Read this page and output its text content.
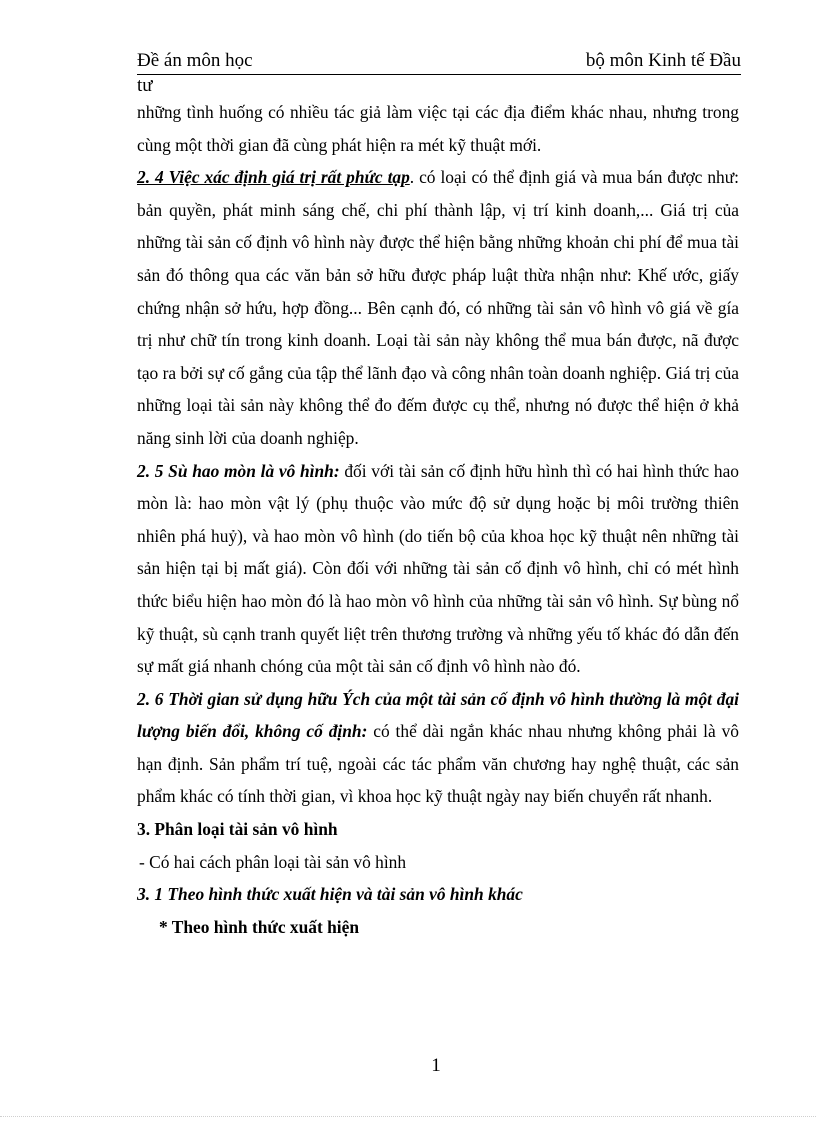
Đề án môn học	bộ môn Kinh tế Đầu
tư

những tình huống có nhiều tác giả làm việc tại các địa điểm khác nhau, nhưng trong cùng một thời gian đã cùng phát hiện ra mét kỹ thuật mới.

2. 4 Việc xác định giá trị rất phức tạp. có loại có thể định giá và mua bán được như: bản quyền, phát minh sáng chế, chi phí thành lập, vị trí kinh doanh,... Giá trị của những tài sản cố định vô hình này được thể hiện bằng những khoản chi phí để mua tài sản đó thông qua các văn bản sở hữu được pháp luật thừa nhận như: Khế ước, giấy chứng nhận sở hứu, hợp đồng... Bên cạnh đó, có những tài sản vô hình vô giá về gía trị như chữ tín trong kinh doanh. Loại tài sản này không thể mua bán được, nã được tạo ra bởi sự cố gắng của tập thể lãnh đạo và công nhân toàn doanh nghiệp. Giá trị của những loại tài sản này không thể đo đếm được cụ thể, nhưng nó được thể hiện ở khả năng sinh lời của doanh nghiệp.

2. 5 Sù hao mòn là vô hình: đối với tài sản cố định hữu hình thì có hai hình thức hao mòn là: hao mòn vật lý (phụ thuộc vào mức độ sử dụng hoặc bị môi trường thiên nhiên phá huỷ), và hao mòn vô hình (do tiến bộ của khoa học kỹ thuật nên những tài sản hiện tại bị mất giá). Còn đối với những tài sản cố định vô hình, chỉ có mét hình thức biểu hiện hao mòn đó là hao mòn vô hình của những tài sản vô hình. Sự bùng nổ kỹ thuật, sù cạnh tranh quyết liệt trên thương trường và những yếu tố khác đó dẫn đến sự mất giá nhanh chóng của một tài sản cố định vô hình nào đó.

2. 6 Thời gian sử dụng hữu Ých của một tài sản cố định vô hình thường là một đại lượng biến đổi, không cố định: có thể dài ngắn khác nhau nhưng không phải là vô hạn định. Sản phẩm trí tuệ, ngoài các tác phẩm văn chương hay nghệ thuật, các sản phẩm khác có tính thời gian, vì khoa học kỹ thuật ngày nay biến chuyển rất nhanh.

3. Phân loại tài sản vô hình

- Có hai cách phân loại tài sản vô hình

3. 1 Theo hình thức xuất hiện và tài sản vô hình khác

* Theo hình thức xuất hiện

1
